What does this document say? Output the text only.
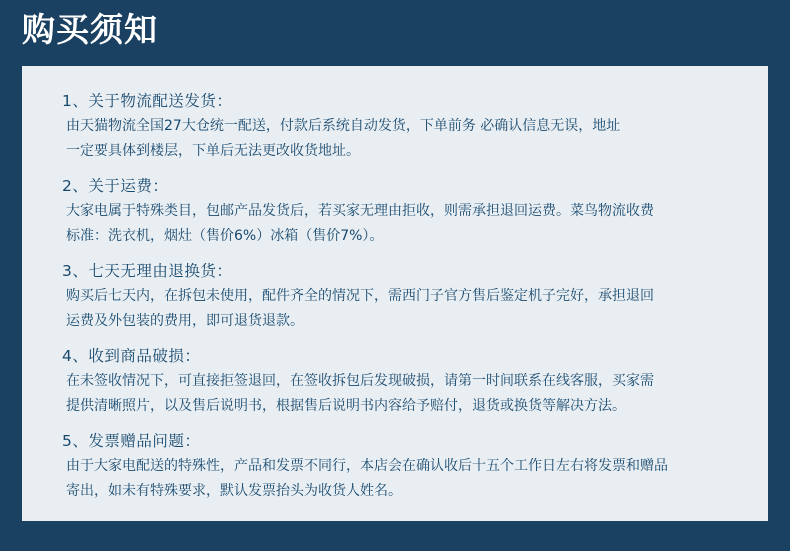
购买须知
1、关于物流配送发货：

由天猫物流全国27大仓统一配送，付款后系统自动发货，下单前务 必确认信息无误，地址

一定要具体到楼层，下单后无法更改收货地址。

2、关于运费：

大家电属于特殊类目，包邮产品发货后，若买家无理由拒收，则需承担退回运费。菜鸟物流收费

标准：洗衣机，烟灶（售价6%）冰箱（售价7%）。

3、七天无理由退换货：

购买后七天内，在拆包未使用，配件齐全的情况下，需西门子官方售后鉴定机子完好，承担退回

运费及外包装的费用，即可退货退款。

4、收到商品破损：

在未签收情况下，可直接拒签退回，在签收拆包后发现破损，请第一时间联系在线客服，买家需

提供清晰照片，以及售后说明书，根据售后说明书内容给予赔付，退货或换货等解决方法。

5、发票赠品问题：

由于大家电配送的特殊性，产品和发票不同行，本店会在确认收后十五个工作日左右将发票和赠品

寄出，如未有特殊要求，默认发票抬头为收货人姓名。
